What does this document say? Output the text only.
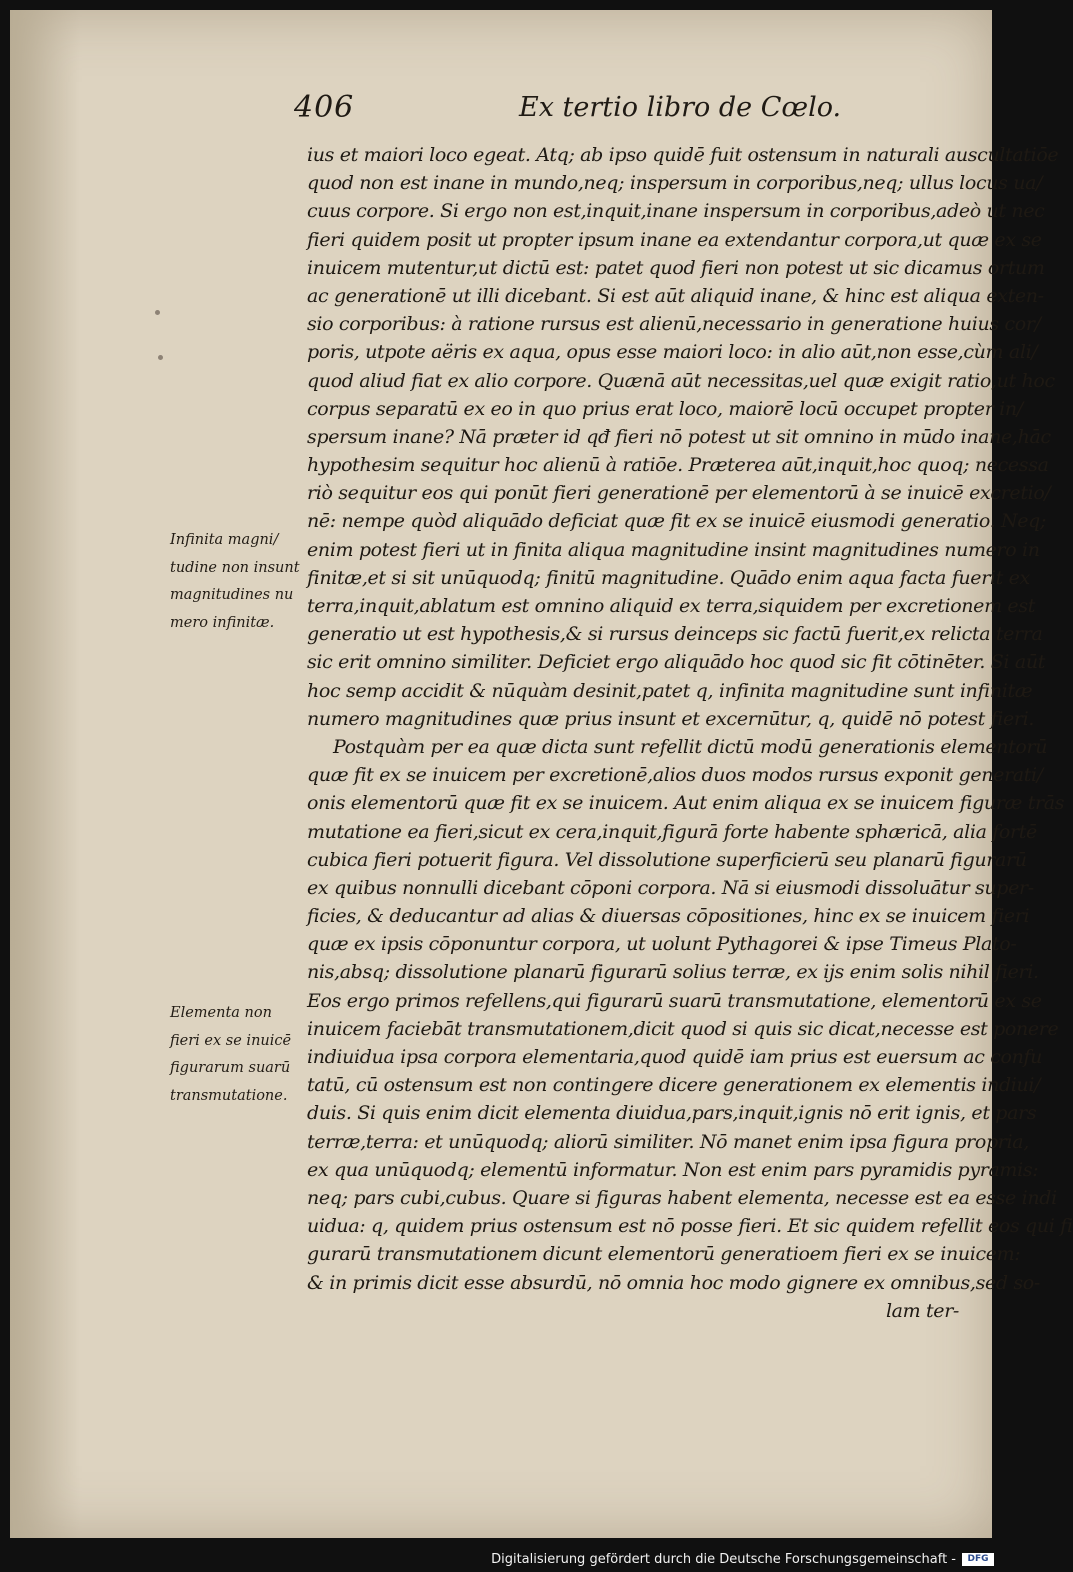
406	Ex tertio libro de Cœlo.
Infinita magni/
tudine non insunt
magnitudines nu
mero infinitæ.
Elementa non
fieri ex se inuicē
figurarum suarū
transmutatione.
ius et maiori loco egeat. Atq; ab ipso quidē fuit ostensum in naturali auscultatiōe
quod non est inane in mundo,neq; inspersum in corporibus,neq; ullus locus ua/
cuus corpore. Si ergo non est,inquit,inane inspersum in corporibus,adeò ut nec
fieri quidem posit ut propter ipsum inane ea extendantur corpora,ut quæ ex se
inuicem mutentur,ut dictū est: patet quod fieri non potest ut sic dicamus ortum
ac generationē ut illi dicebant. Si est aūt aliquid inane, & hinc est aliqua exten-
sio corporibus: à ratione rursus est alienū,necessario in generatione huius cor/
poris, utpote aëris ex aqua, opus esse maiori loco: in alio aūt,non esse,cùm ali/
quod aliud fiat ex alio corpore. Quænā aūt necessitas,uel quæ exigit ratio,ut hoc
corpus separatū ex eo in quo prius erat loco, maiorē locū occupet propter in/
spersum inane? Nā præter id qđ fieri nō potest ut sit omnino in mūdo inane,hāc
hypothesim sequitur hoc alienū à ratiōe. Præterea aūt,inquit,hoc quoq; necessa
riò sequitur eos qui ponūt fieri generationē per elementorū à se inuicē excretio/
nē: nempe quòd aliquādo deficiat quæ fit ex se inuicē eiusmodi generatio. Neq;
enim potest fieri ut in finita aliqua magnitudine insint magnitudines numero in
finitæ,et si sit unūquodq; finitū magnitudine. Quādo enim aqua facta fuerit ex
terra,inquit,ablatum est omnino aliquid ex terra,siquidem per excretionem est
generatio ut est hypothesis,& si rursus deinceps sic factū fuerit,ex relicta terra
sic erit omnino similiter. Deficiet ergo aliquādo hoc quod sic fit cōtinēter. Si aūt
hoc semp accidit & nūquàm desinit,patet q, infinita magnitudine sunt infinitæ
numero magnitudines quæ prius insunt et excernūtur, q, quidē nō potest fieri.
Postquàm per ea quæ dicta sunt refellit dictū modū generationis elementorū
quæ fit ex se inuicem per excretionē,alios duos modos rursus exponit generati/
onis elementorū quæ fit ex se inuicem. Aut enim aliqua ex se inuicem figuræ trās
mutatione ea fieri,sicut ex cera,inquit,figurā forte habente sphæricā, alia fortē
cubica fieri potuerit figura. Vel dissolutione superficierū seu planarū figurarū
ex quibus nonnulli dicebant cōponi corpora. Nā si eiusmodi dissoluātur super-
ficies, & deducantur ad alias & diuersas cōpositiones, hinc ex se inuicem fieri
quæ ex ipsis cōponuntur corpora, ut uolunt Pythagorei & ipse Timeus Plato-
nis,absq; dissolutione planarū figurarū solius terræ, ex ijs enim solis nihil fieri.
Eos ergo primos refellens,qui figurarū suarū transmutatione, elementorū ex se
inuicem faciebāt transmutationem,dicit quod si quis sic dicat,necesse est ponere
indiuidua ipsa corpora elementaria,quod quidē iam prius est euersum ac confu
tatū, cū ostensum est non contingere dicere generationem ex elementis indiui/
duis. Si quis enim dicit elementa diuidua,pars,inquit,ignis nō erit ignis, et pars
terræ,terra: et unūquodq; aliorū similiter. Nō manet enim ipsa figura propria,
ex qua unūquodq; elementū informatur. Non est enim pars pyramidis pyramis:
neq; pars cubi,cubus. Quare si figuras habent elementa, necesse est ea esse indi
uidua: q, quidem prius ostensum est nō posse fieri. Et sic quidem refellit eos qui fi
gurarū transmutationem dicunt elementorū generatioem fieri ex se inuicem:
& in primis dicit esse absurdū, nō omnia hoc modo gignere ex omnibus,sed so-
lam ter-
Digitalisierung gefördert durch die Deutsche Forschungsgemeinschaft -	DFG
